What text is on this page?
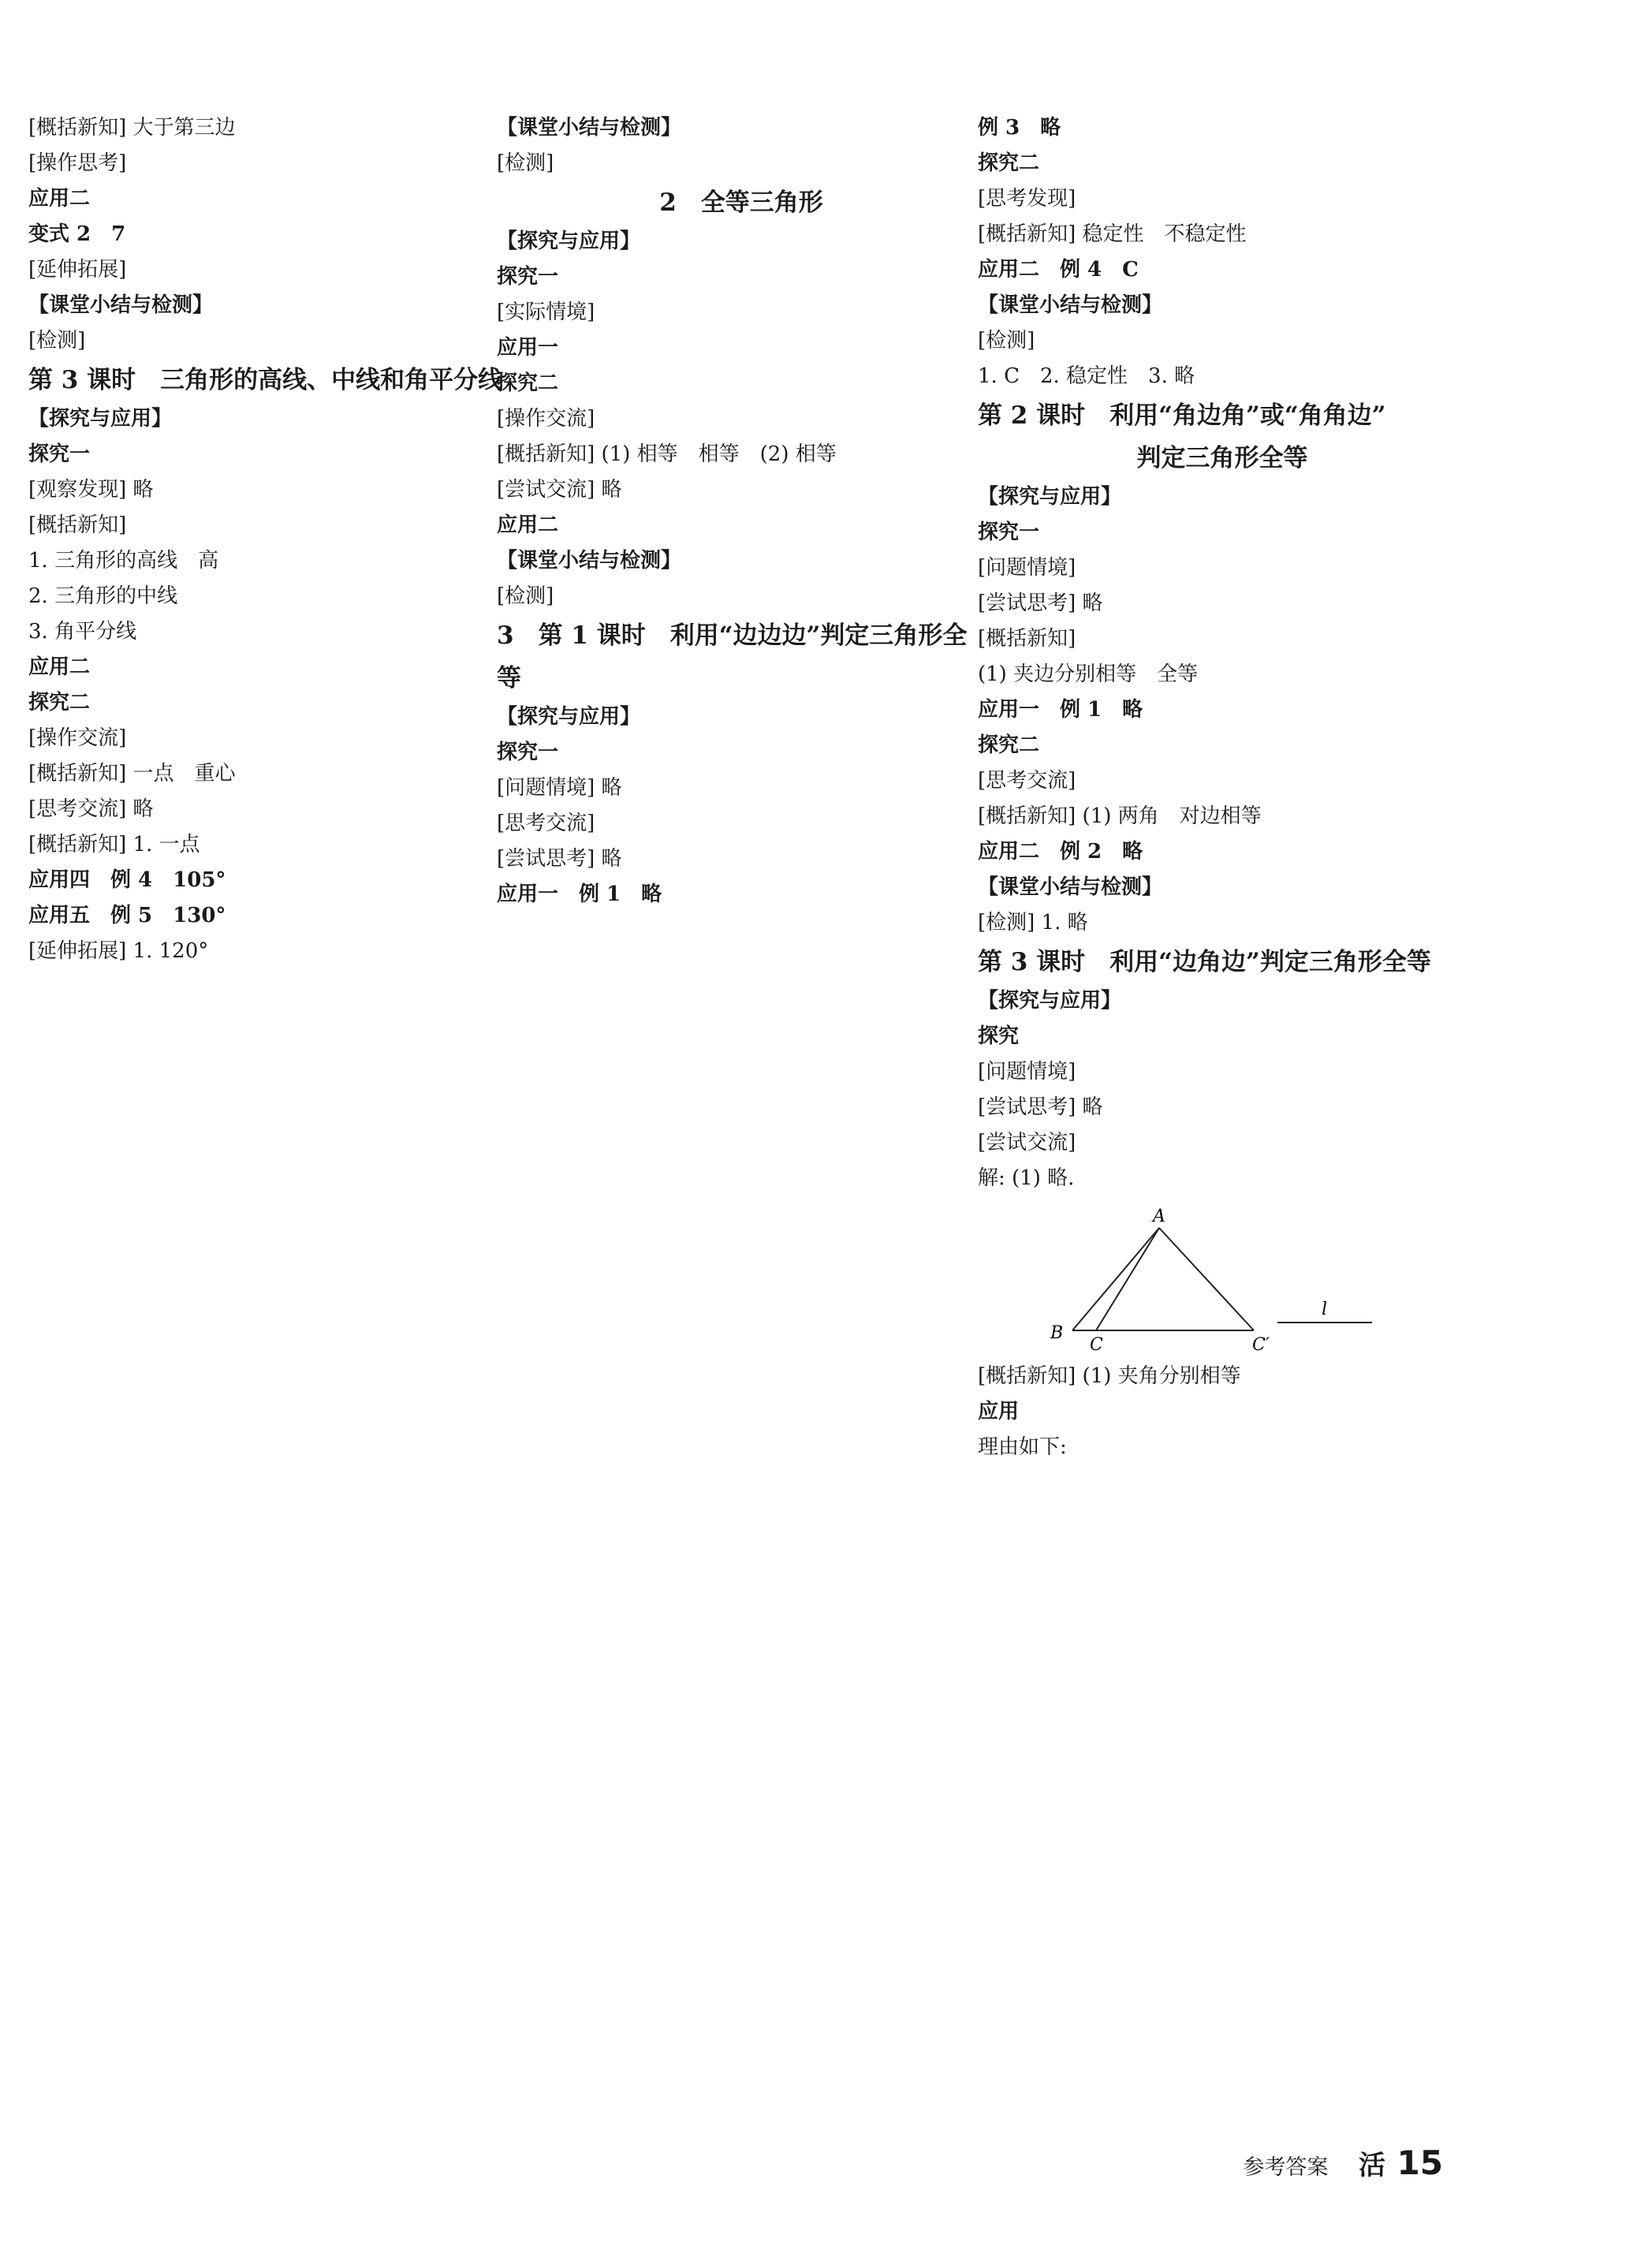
[概括新知] 大于第三边
[操作思考]
应用二
变式 2　7
[延伸拓展]
【课堂小结与检测】
[检测]
第 3 课时　三角形的高线、中线和角平分线
【探究与应用】
探究一
[观察发现] 略
[概括新知]
1. 三角形的高线　高
2. 三角形的中线
3. 角平分线
应用二
探究二
[操作交流]
[概括新知] 一点　重心
[思考交流] 略
[概括新知] 1. 一点
应用四　例 4　105°
应用五　例 5　130°
[延伸拓展] 1. 120°
【课堂小结与检测】
[检测]
2　全等三角形
【探究与应用】
探究一
[实际情境]
应用一
探究二
[操作交流]
[概括新知] (1) 相等　相等　(2) 相等
[尝试交流] 略
应用二
【课堂小结与检测】
[检测]
3　第 1 课时　利用“边边边”判定三角形全等
【探究与应用】
探究一
[问题情境] 略
[思考交流]
[尝试思考] 略
应用一　例 1　略
例 3　略
探究二
[思考发现]
[概括新知] 稳定性　不稳定性
应用二　例 4　C
【课堂小结与检测】
[检测]
1. C　2. 稳定性　3. 略
第 2 课时　利用“角边角”或“角角边”
判定三角形全等
【探究与应用】
探究一
[问题情境]
[尝试思考] 略
[概括新知]
(1) 夹边分别相等　全等
应用一　例 1　略
探究二
[思考交流]
[概括新知] (1) 两角　对边相等
应用二　例 2　略
【课堂小结与检测】
[检测] 1. 略
第 3 课时　利用“边角边”判定三角形全等
【探究与应用】
探究
[问题情境]
[尝试思考] 略
[尝试交流]
解: (1) 略.
A
B
C	C′
l
[概括新知] (1) 夹角分别相等
应用
理由如下:
参考答案 活 15
